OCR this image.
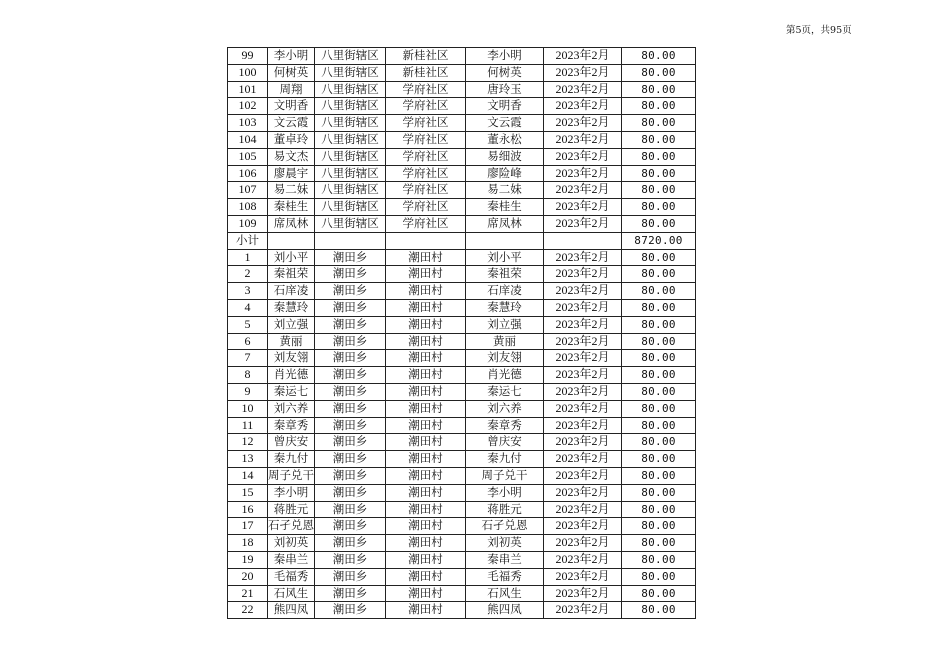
第5页，共95页
99	李小明	八里街辖区	新桂社区	李小明	2023年2月	80.00
100	何树英	八里街辖区	新桂社区	何树英	2023年2月	80.00
101	周翔	八里街辖区	学府社区	唐玲玉	2023年2月	80.00
102	文明香	八里街辖区	学府社区	文明香	2023年2月	80.00
103	文云霞	八里街辖区	学府社区	文云霞	2023年2月	80.00
104	董卓玲	八里街辖区	学府社区	董永松	2023年2月	80.00
105	易文杰	八里街辖区	学府社区	易细波	2023年2月	80.00
106	廖晨宇	八里街辖区	学府社区	廖险峰	2023年2月	80.00
107	易二妹	八里街辖区	学府社区	易二妹	2023年2月	80.00
108	秦桂生	八里街辖区	学府社区	秦桂生	2023年2月	80.00
109	席凤林	八里街辖区	学府社区	席凤林	2023年2月	80.00
小计						8720.00
1	刘小平	潮田乡	潮田村	刘小平	2023年2月	80.00
2	秦祖荣	潮田乡	潮田村	秦祖荣	2023年2月	80.00
3	石庠凌	潮田乡	潮田村	石庠凌	2023年2月	80.00
4	秦慧玲	潮田乡	潮田村	秦慧玲	2023年2月	80.00
5	刘立强	潮田乡	潮田村	刘立强	2023年2月	80.00
6	黄丽	潮田乡	潮田村	黄丽	2023年2月	80.00
7	刘友翎	潮田乡	潮田村	刘友翎	2023年2月	80.00
8	肖光德	潮田乡	潮田村	肖光德	2023年2月	80.00
9	秦运七	潮田乡	潮田村	秦运七	2023年2月	80.00
10	刘六养	潮田乡	潮田村	刘六养	2023年2月	80.00
11	秦章秀	潮田乡	潮田村	秦章秀	2023年2月	80.00
12	曾庆安	潮田乡	潮田村	曾庆安	2023年2月	80.00
13	秦九付	潮田乡	潮田村	秦九付	2023年2月	80.00
14	周子兑干	潮田乡	潮田村	周子兑干	2023年2月	80.00
15	李小明	潮田乡	潮田村	李小明	2023年2月	80.00
16	蒋胜元	潮田乡	潮田村	蒋胜元	2023年2月	80.00
17	石孑兑恩	潮田乡	潮田村	石孑兑恩	2023年2月	80.00
18	刘初英	潮田乡	潮田村	刘初英	2023年2月	80.00
19	秦串兰	潮田乡	潮田村	秦串兰	2023年2月	80.00
20	毛福秀	潮田乡	潮田村	毛福秀	2023年2月	80.00
21	石风生	潮田乡	潮田村	石风生	2023年2月	80.00
22	熊四凤	潮田乡	潮田村	熊四凤	2023年2月	80.00
